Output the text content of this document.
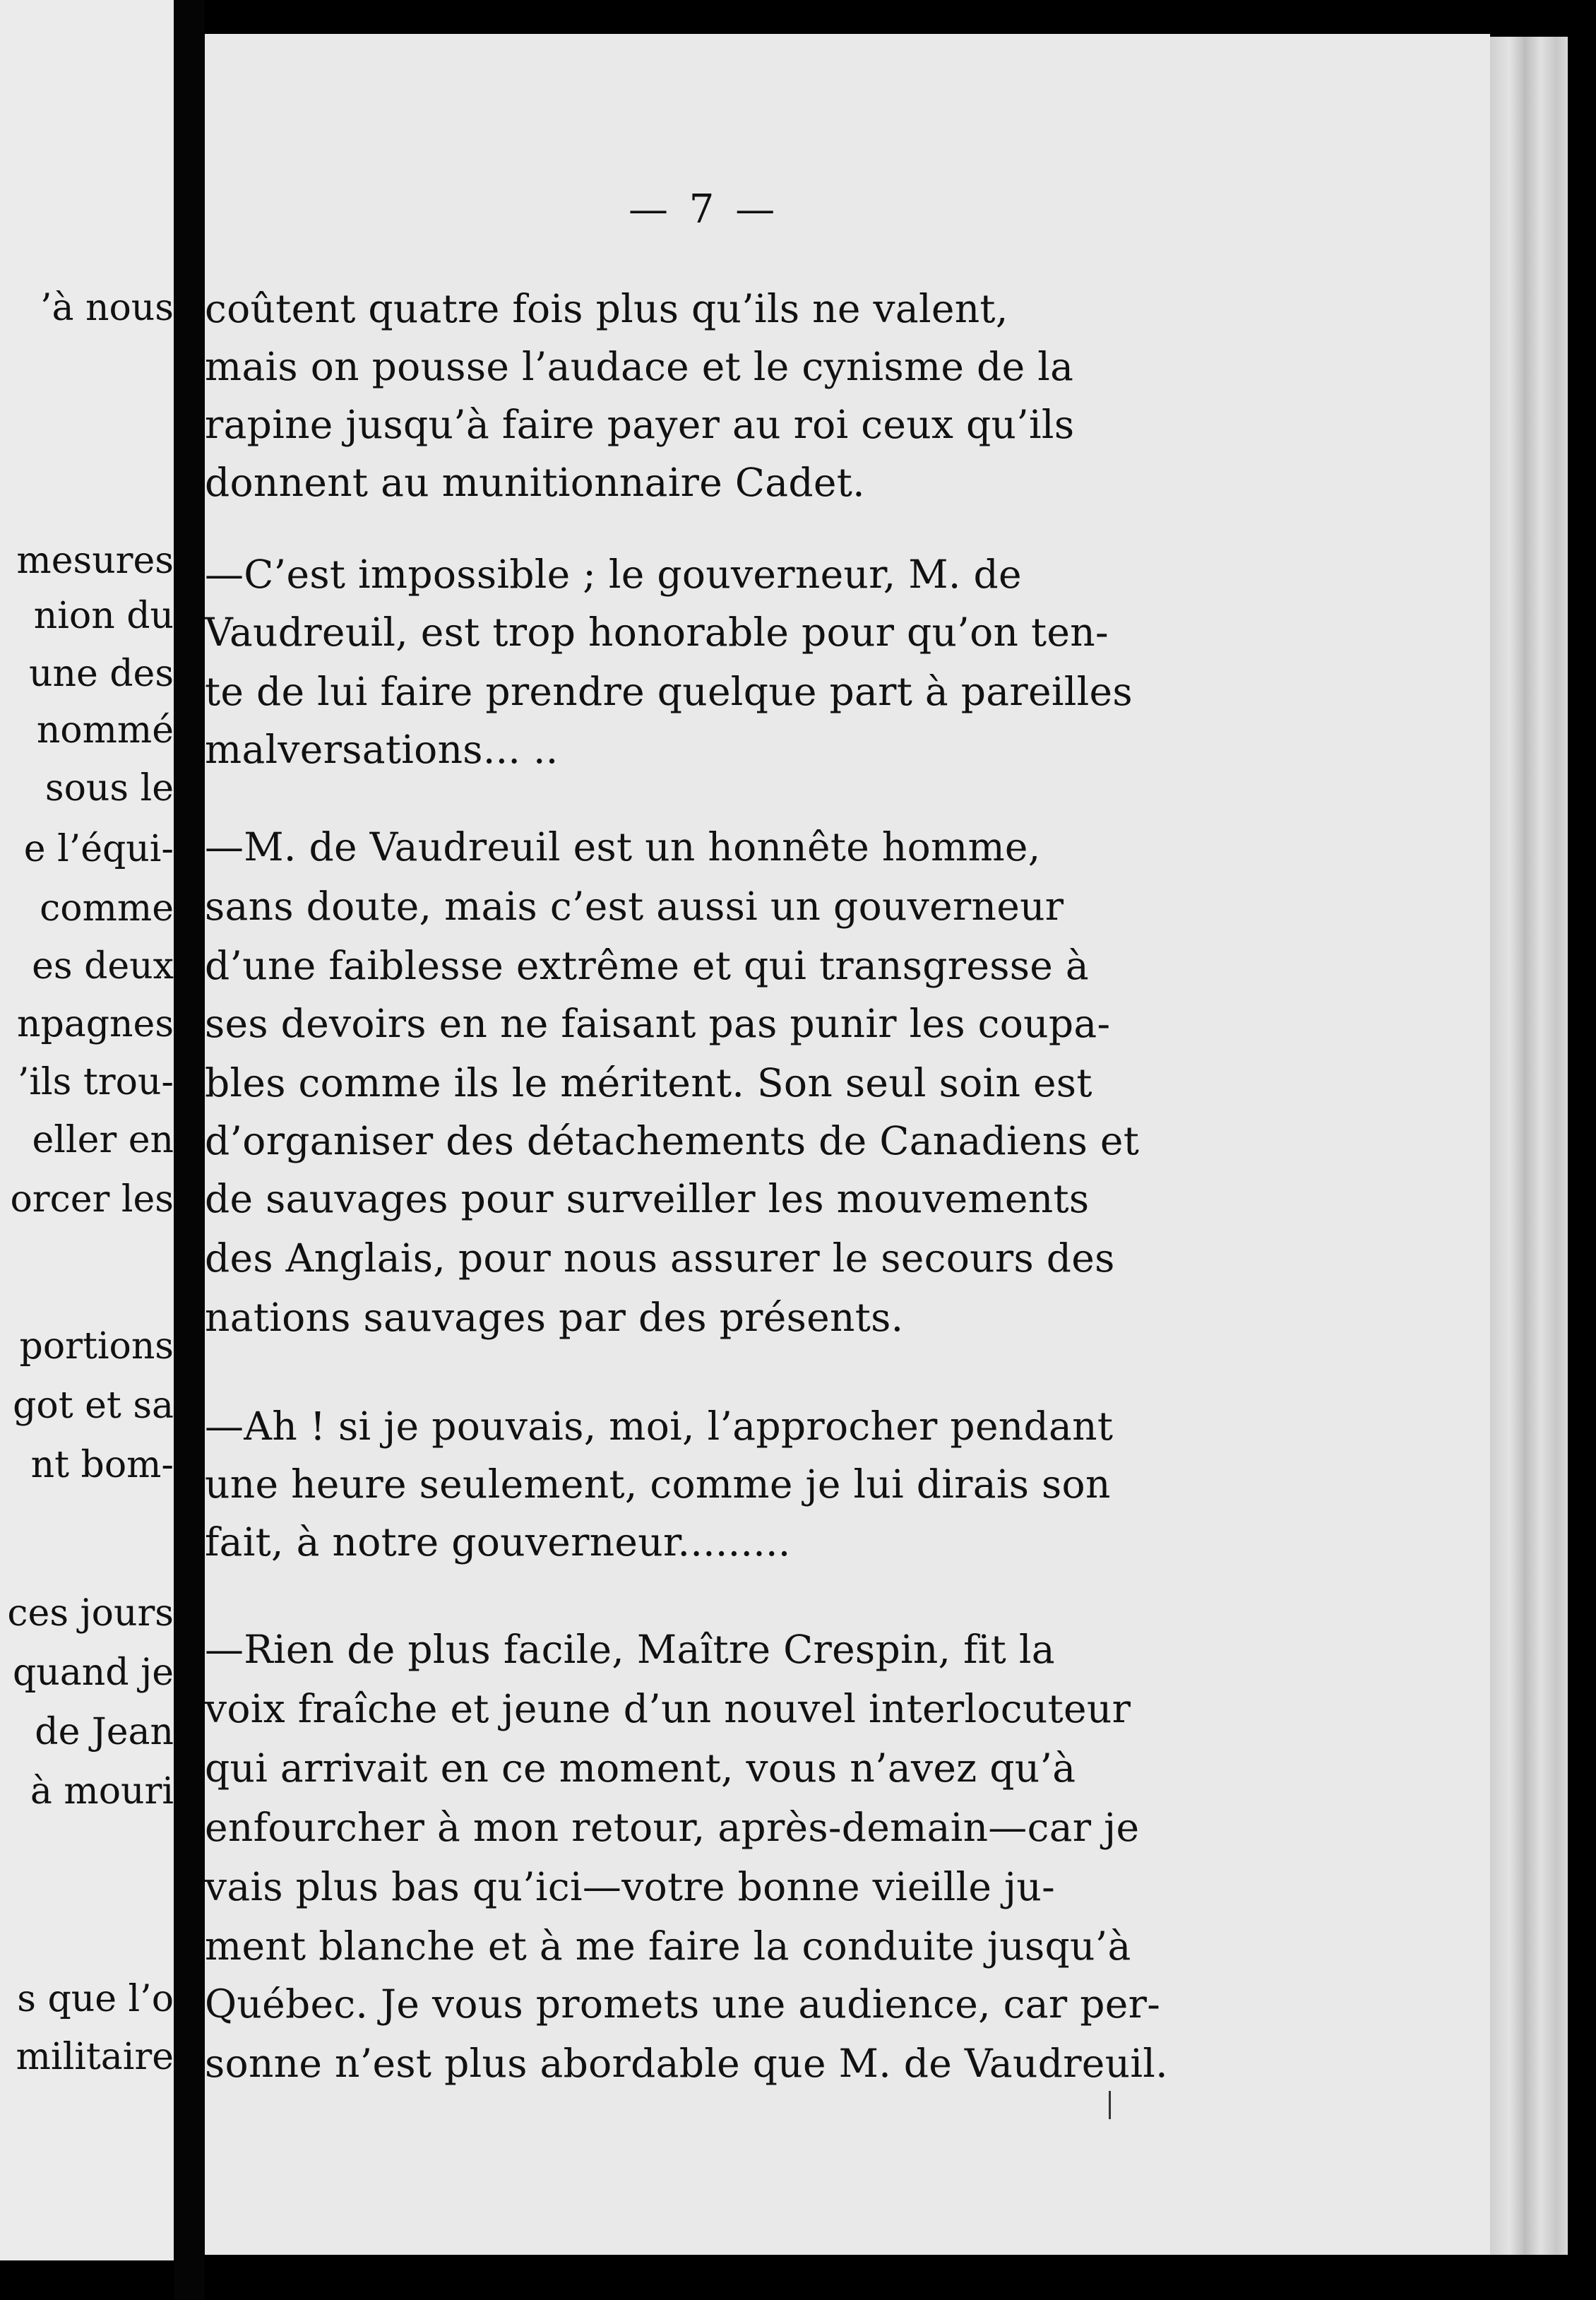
’à nous
mesures
nion du
une des
nommé
sous le
e l’équi-
comme
es deux
npagnes
’ils trou-
eller en
orcer les
portions
got et sa
nt bom-
ces jours
quand je
de Jean
à mouri
s que l’o
militaire
— 7 —
coûtent quatre fois plus qu’ils ne valent,
mais on pousse l’audace et le cynisme de la
rapine jusqu’à faire payer au roi ceux qu’ils
donnent au munitionnaire Cadet.
—C’est impossible ; le gouverneur, M. de
Vaudreuil, est trop honorable pour qu’on ten-
te de lui faire prendre quelque part à pareilles
malversations... ..
—M. de Vaudreuil est un honnête homme,
sans doute, mais c’est aussi un gouverneur
d’une faiblesse extrême et qui transgresse à
ses devoirs en ne faisant pas punir les coupa-
bles comme ils le méritent. Son seul soin est
d’organiser des détachements de Canadiens et
de sauvages pour surveiller les mouvements
des Anglais, pour nous assurer le secours des
nations sauvages par des présents.
—Ah ! si je pouvais, moi, l’approcher pendant
une heure seulement, comme je lui dirais son
fait, à notre gouverneur.........
—Rien de plus facile, Maître Crespin, fit la
voix fraîche et jeune d’un nouvel interlocuteur
qui arrivait en ce moment, vous n’avez qu’à
enfourcher à mon retour, après-demain—car je
vais plus bas qu’ici—votre bonne vieille ju-
ment blanche et à me faire la conduite jusqu’à
Québec. Je vous promets une audience, car per-
sonne n’est plus abordable que M. de Vaudreuil.
